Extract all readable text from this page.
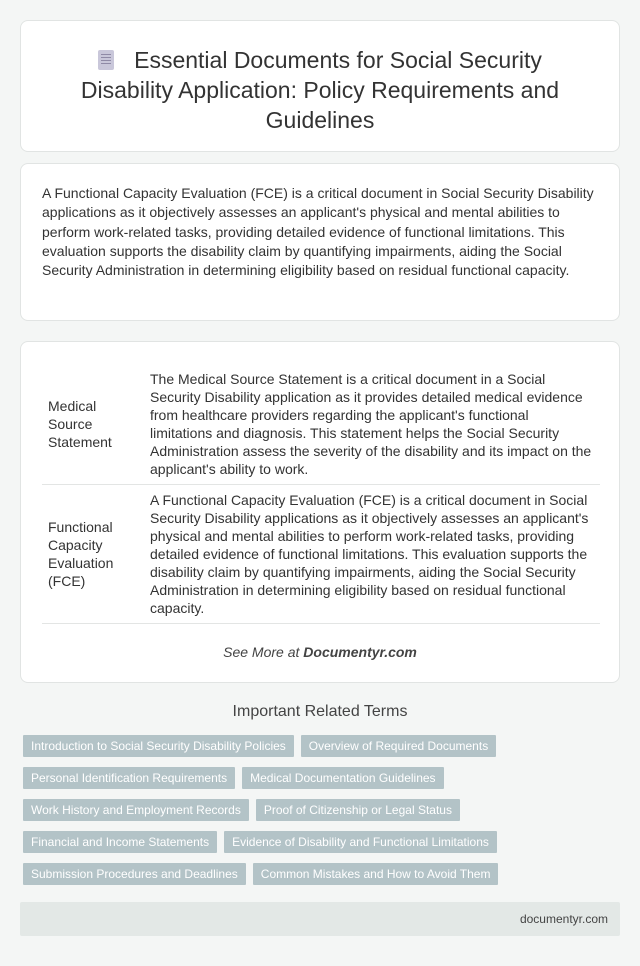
Essential Documents for Social Security Disability Application: Policy Requirements and Guidelines

A Functional Capacity Evaluation (FCE) is a critical document in Social Security Disability applications as it objectively assesses an applicant's physical and mental abilities to perform work-related tasks, providing detailed evidence of functional limitations. This evaluation supports the disability claim by quantifying impairments, aiding the Social Security Administration in determining eligibility based on residual functional capacity.

Medical Source Statement	The Medical Source Statement is a critical document in a Social Security Disability application as it provides detailed medical evidence from healthcare providers regarding the applicant's functional limitations and diagnosis. This statement helps the Social Security Administration assess the severity of the disability and its impact on the applicant's ability to work.
Functional Capacity Evaluation (FCE)	A Functional Capacity Evaluation (FCE) is a critical document in Social Security Disability applications as it objectively assesses an applicant's physical and mental abilities to perform work-related tasks, providing detailed evidence of functional limitations. This evaluation supports the disability claim by quantifying impairments, aiding the Social Security Administration in determining eligibility based on residual functional capacity.
See More at Documentyr.com
Important Related Terms
Introduction to Social Security Disability Policies	Overview of Required Documents
Personal Identification Requirements	Medical Documentation Guidelines
Work History and Employment Records	Proof of Citizenship or Legal Status
Financial and Income Statements	Evidence of Disability and Functional Limitations
Submission Procedures and Deadlines	Common Mistakes and How to Avoid Them
documentyr.com
